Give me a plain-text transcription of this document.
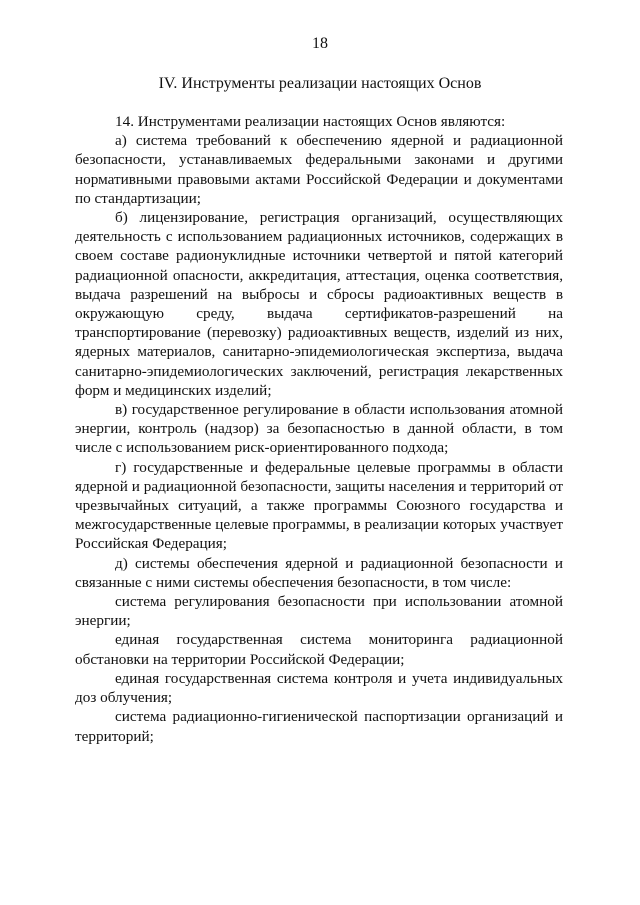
18
IV. Инструменты реализации настоящих Основ

14. Инструментами реализации настоящих Основ являются:

а) система требований к обеспечению ядерной и радиационной безопасности, устанавливаемых федеральными законами и другими нормативными правовыми актами Российской Федерации и документами по стандартизации;

б) лицензирование, регистрация организаций, осуществляющих деятельность с использованием радиационных источников, содержащих в своем составе радионуклидные источники четвертой и пятой категорий радиационной опасности, аккредитация, аттестация, оценка соответствия, выдача разрешений на выбросы и сбросы радиоактивных веществ в окружающую среду, выдача сертификатов-разрешений на транспортирование (перевозку) радиоактивных веществ, изделий из них, ядерных материалов, санитарно-эпидемиологическая экспертиза, выдача санитарно-эпидемиологических заключений, регистрация лекарственных форм и медицинских изделий;

в) государственное регулирование в области использования атомной энергии, контроль (надзор) за безопасностью в данной области, в том числе с использованием риск-ориентированного подхода;

г) государственные и федеральные целевые программы в области ядерной и радиационной безопасности, защиты населения и территорий от чрезвычайных ситуаций, а также программы Союзного государства и межгосударственные целевые программы, в реализации которых участвует Российская Федерация;

д) системы обеспечения ядерной и радиационной безопасности и связанные с ними системы обеспечения безопасности, в том числе:

система регулирования безопасности при использовании атомной энергии;

единая государственная система мониторинга радиационной обстановки на территории Российской Федерации;

единая государственная система контроля и учета индивидуальных доз облучения;

система радиационно-гигиенической паспортизации организаций и территорий;
